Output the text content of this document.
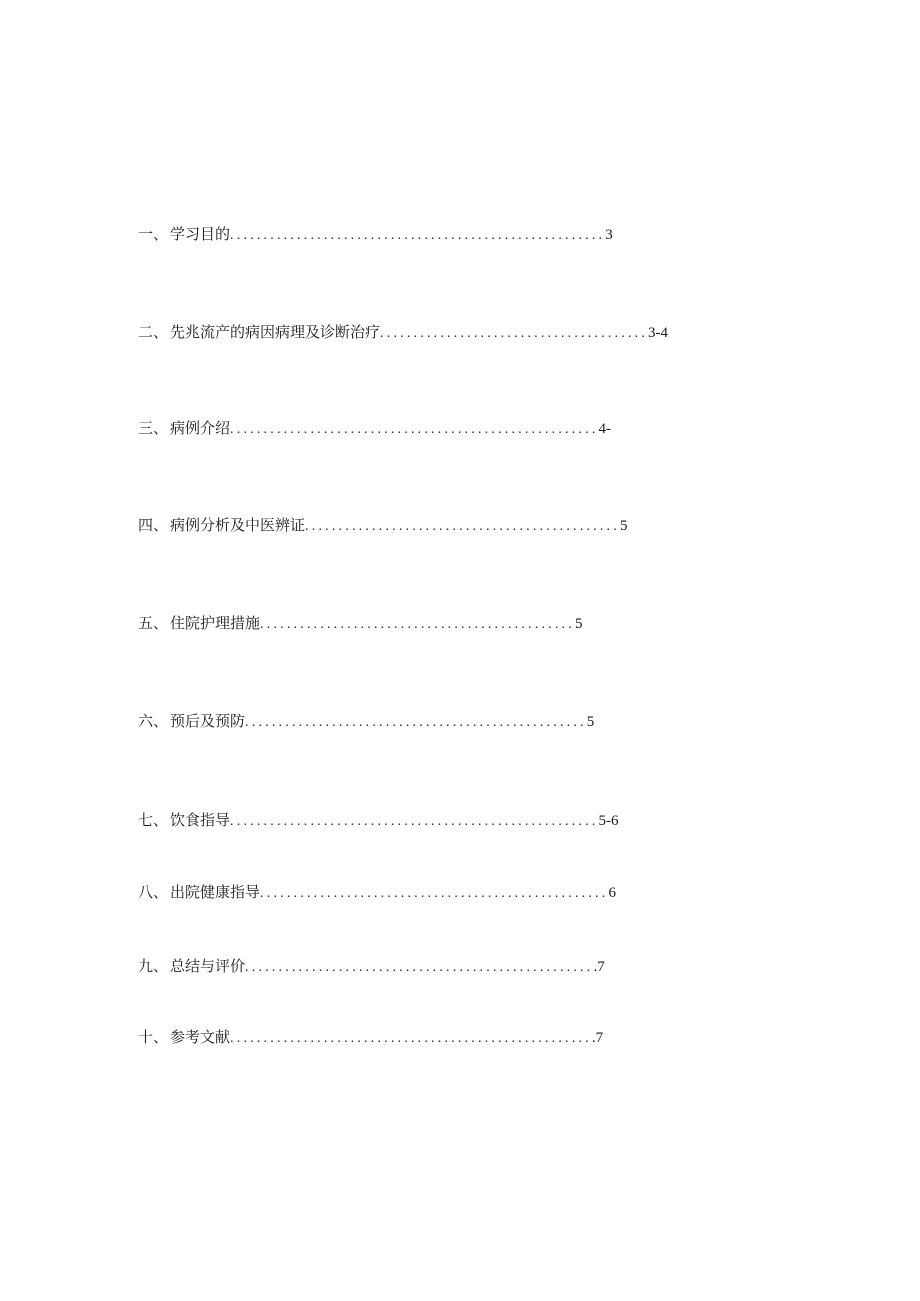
一 、 学习目的 ........................................................ 3
二 、 先兆流产的病因病理及诊断治疗 ........................................ 3-4
三 、 病例介绍 ....................................................... 4-
四 、 病例分析及中医辨证 ............................................... 5
五 、 住院护理措施 ............................................... 5
六 、 预后及预防 ................................................... 5
七 、 饮食指导 ....................................................... 5-6
八 、 出院健康指导 .................................................... 6
九 、 总结与评价 .................................................... .7
十 、 参考文献 ...................................................... .7
